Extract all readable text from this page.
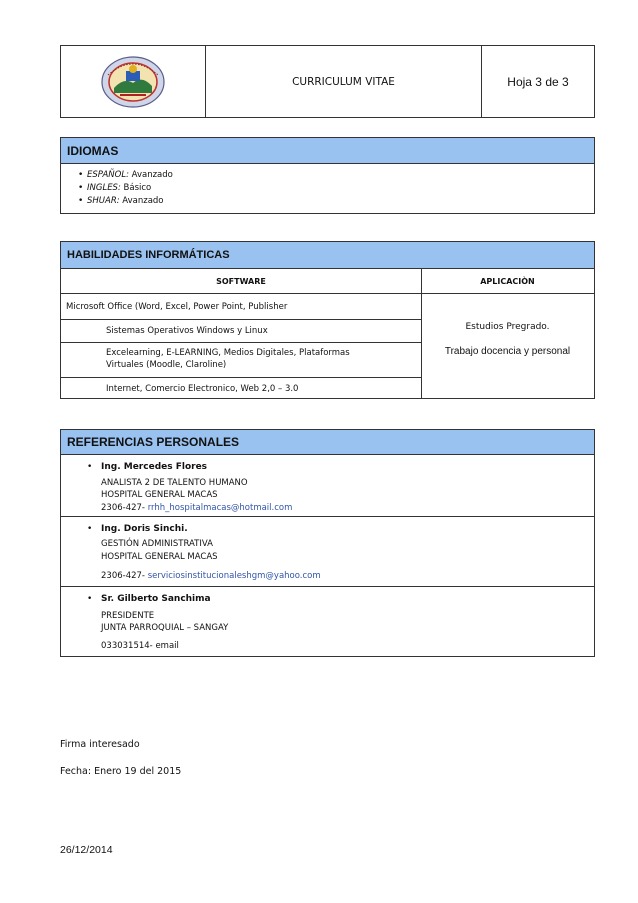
CURRICULUM VITAE	Hoja 3 de 3
IDIOMAS
• ESPAÑOL: Avanzado
• INGLES: Básico
• SHUAR: Avanzado
HABILIDADES INFORMÁTICAS
SOFTWARE	APLICACIÒN
Microsoft Office (Word, Excel, Power Point, Publisher
Sistemas Operativos Windows y Linux
Excelearning, E-LEARNING, Medios Digitales, Plataformas
Virtuales (Moodle, Claroline)
Internet, Comercio Electronico, Web 2,0 – 3.0
Estudios Pregrado.
Trabajo docencia y personal
REFERENCIAS PERSONALES
• Ing. Mercedes Flores
ANALISTA 2 DE TALENTO HUMANO
HOSPITAL GENERAL MACAS
2306-427- rrhh_hospitalmacas@hotmail.com
• Ing. Doris Sinchi.
GESTIÓN ADMINISTRATIVA
HOSPITAL GENERAL MACAS
2306-427- serviciosinstitucionaleshgm@yahoo.com
• Sr. Gilberto Sanchima
PRESIDENTE
JUNTA PARROQUIAL – SANGAY
033031514- email
Firma interesado
Fecha: Enero 19 del 2015
26/12/2014
